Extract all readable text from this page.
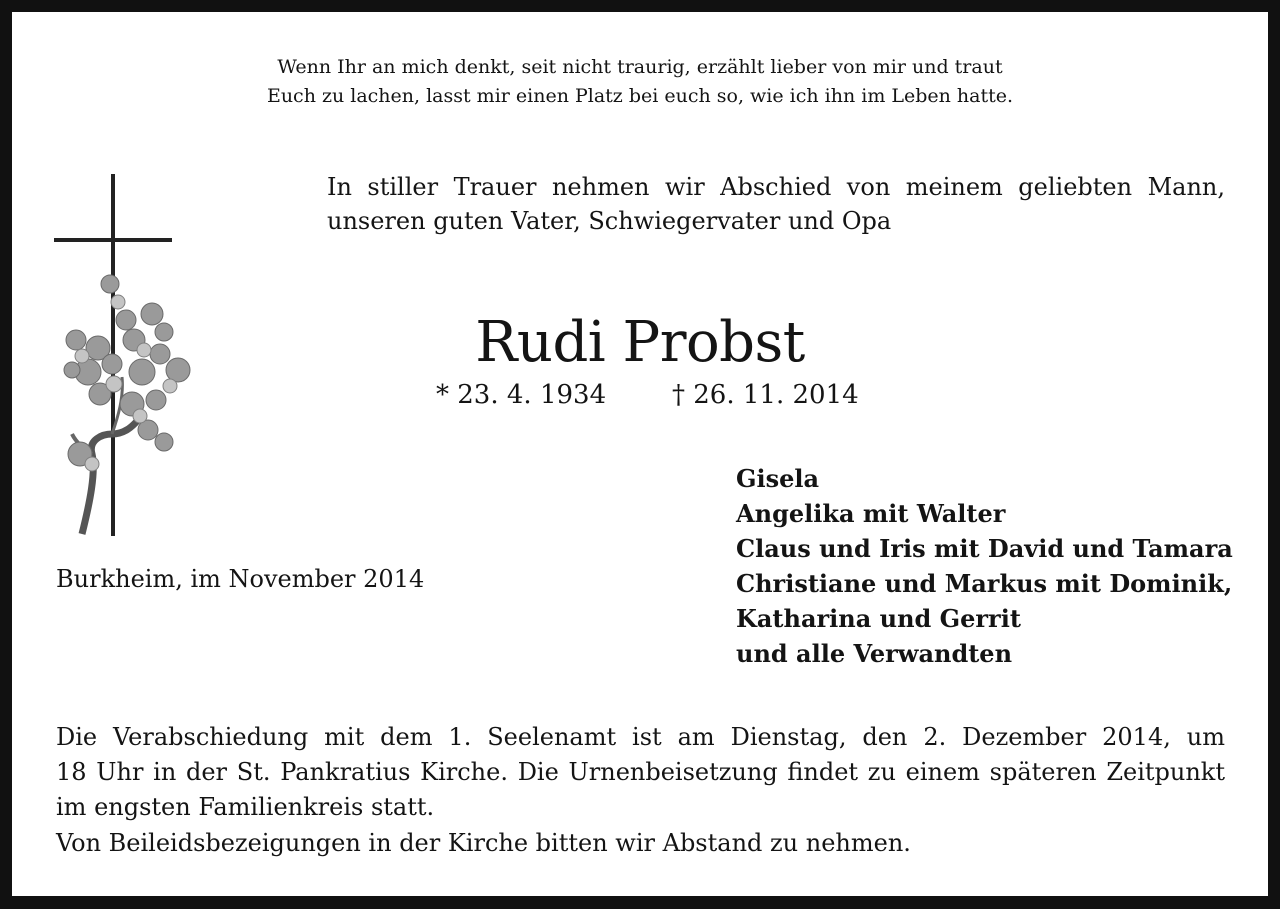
Wenn Ihr an mich denkt, seit nicht traurig, erzählt lieber von mir und traut
Euch zu lachen, lasst mir einen Platz bei euch so, wie ich ihn im Leben hatte.
In stiller Trauer nehmen wir Abschied von meinem geliebten Mann,
unseren guten Vater, Schwiegervater und Opa
Rudi Probst
* 23. 4. 1934	† 26. 11. 2014
Burkheim, im November 2014
Gisela
Angelika mit Walter
Claus und Iris mit David und Tamara
Christiane und Markus mit Dominik,
Katharina und Gerrit
und alle Verwandten
Die Verabschiedung mit dem 1. Seelenamt ist am Dienstag, den 2. Dezember 2014, um
18 Uhr in der St. Pankratius Kirche. Die Urnenbeisetzung findet zu einem späteren Zeitpunkt
im engsten Familienkreis statt.
Von Beileidsbezeigungen in der Kirche bitten wir Abstand zu nehmen.
